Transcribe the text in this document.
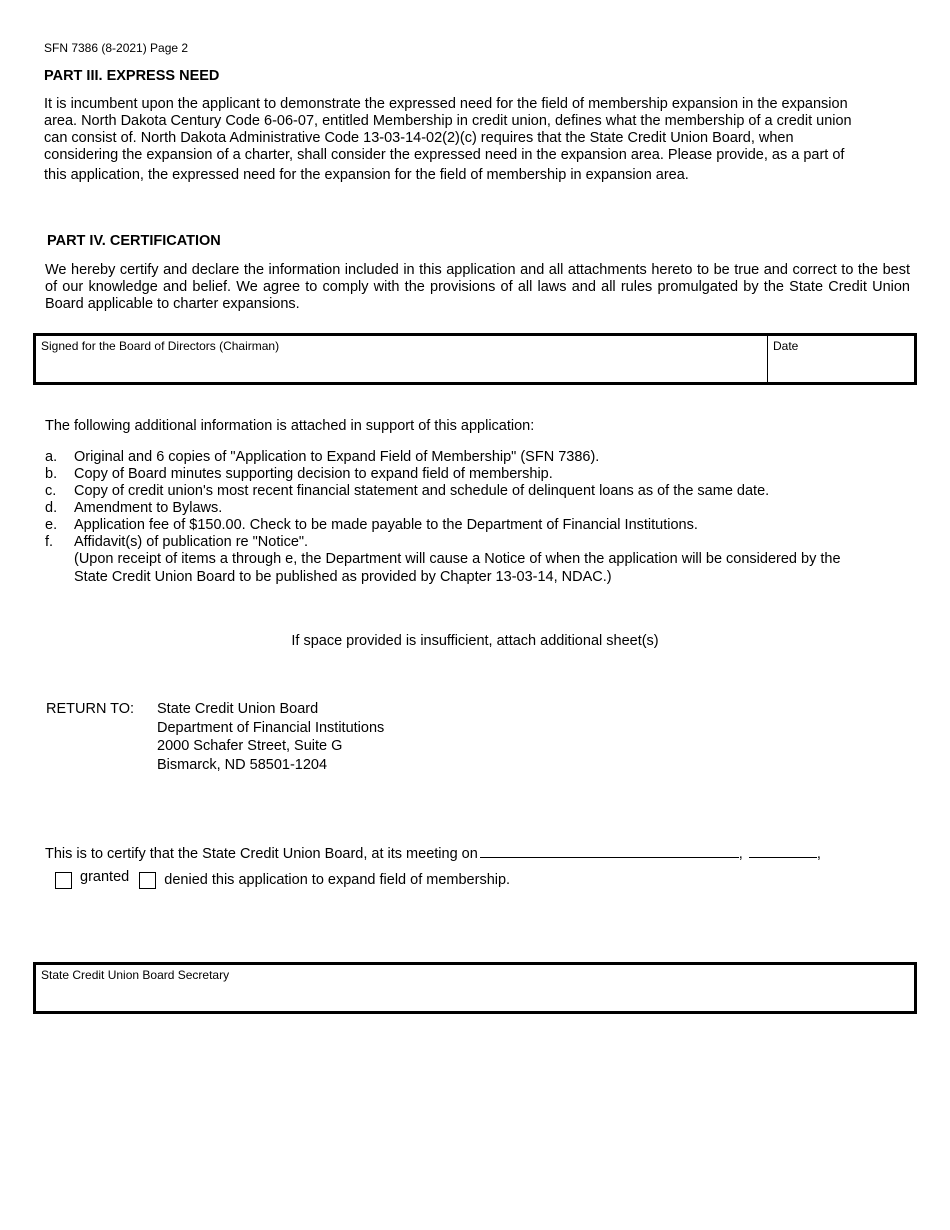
SFN 7386 (8-2021) Page 2
PART III. EXPRESS NEED
It is incumbent upon the applicant to demonstrate the expressed need for the field of membership expansion in the expansion
area. North Dakota Century Code 6-06-07, entitled Membership in credit union, defines what the membership of a credit union
can consist of. North Dakota Administrative Code 13-03-14-02(2)(c) requires that the State Credit Union Board, when
considering the expansion of a charter, shall consider the expressed need in the expansion area. Please provide, as a part of
this application, the expressed need for the expansion for the field of membership in expansion area.
PART IV. CERTIFICATION
We hereby certify and declare the information included in this application and all attachments hereto to be true and correct to the best of our knowledge and belief. We agree to comply with the provisions of all laws and all rules promulgated by the State Credit Union Board applicable to charter expansions.
Signed for the Board of Directors (Chairman)	Date
The following additional information is attached in support of this application:
a.	Original and 6 copies of "Application to Expand Field of Membership" (SFN 7386).
b.	Copy of Board minutes supporting decision to expand field of membership.
c.	Copy of credit union's most recent financial statement and schedule of delinquent loans as of the same date.
d.	Amendment to Bylaws.
e.	Application fee of $150.00. Check to be made payable to the Department of Financial Institutions.
f.	Affidavit(s) of publication re "Notice".
(Upon receipt of items a through e, the Department will cause a Notice of when the application will be considered by the
State Credit Union Board to be published as provided by Chapter 13-03-14, NDAC.)
If space provided is insufficient, attach additional sheet(s)
RETURN TO: State Credit Union Board
Department of Financial Institutions
2000 Schafer Street, Suite G
Bismarck, ND 58501-1204
This is to certify that the State Credit Union Board, at its meeting on	,	,
granted denied this application to expand field of membership.
State Credit Union Board Secretary
